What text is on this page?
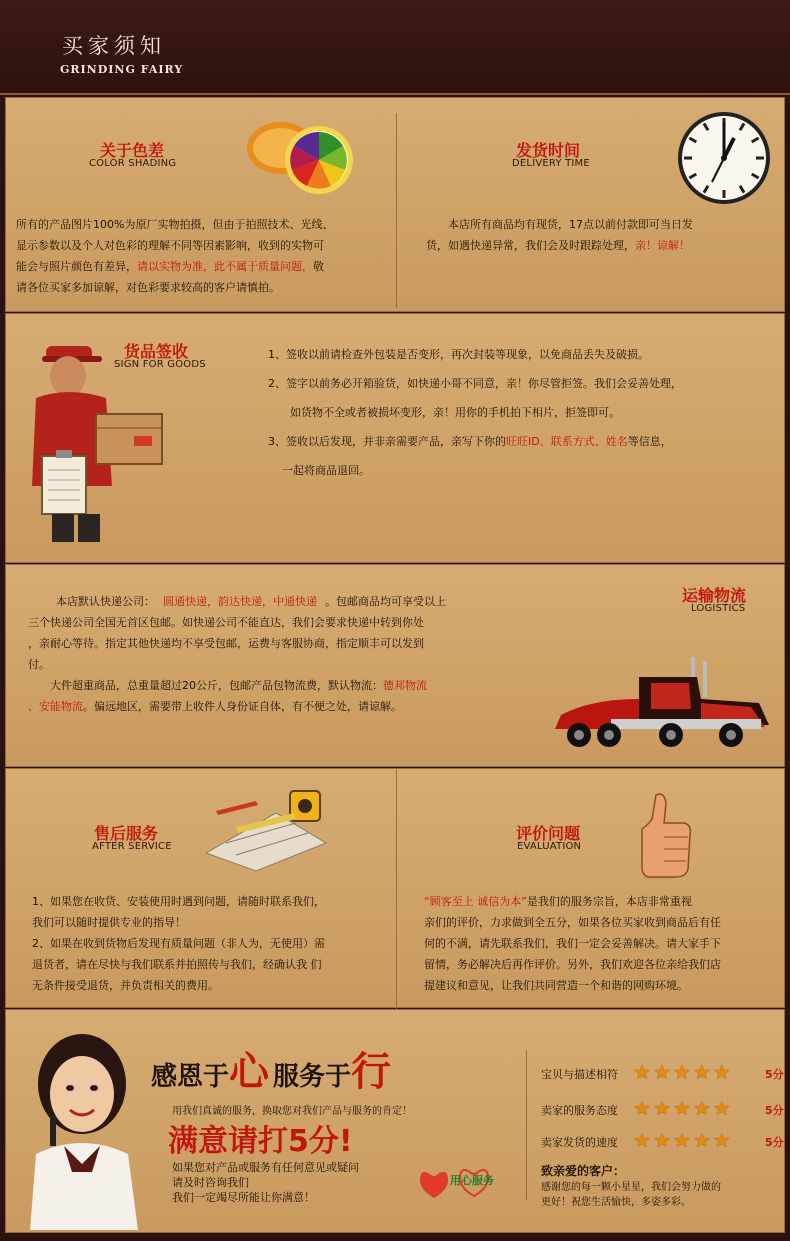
买家须知
GRINDING FAIRY
关于色差
COLOR SHADING
所有的产品图片100%为原厂实物拍摄，但由于拍照技术、光线、
显示参数以及个人对色彩的理解不同等因素影响，收到的实物可
能会与照片颜色有差异，请以实物为准，此不属于质量问题，敬
请各位买家多加谅解，对色彩要求较高的客户请慎拍。
发货时间
DELIVERY TIME
本店所有商品均有现货，17点以前付款即可当日发
货，如遇快递异常，我们会及时跟踪处理，亲！谅解！
货品签收
SIGN FOR GOODS
1、签收以前请检查外包装是否变形，再次封装等现象，以免商品丢失及破损。
2、签字以前务必开箱验货，如快递小哥不同意，亲！你尽管拒签。我们会妥善处理，
如货物不全或者被损坏变形，亲！用你的手机拍下相片，拒签即可。
3、签收以后发现，并非亲需要产品，亲写下你的旺旺ID、联系方式、姓名等信息，
一起将商品退回。
本店默认快递公司： 圆通快递，韵达快递，中通快递 。包邮商品均可享受以上
三个快递公司全国无首区包邮。如快递公司不能直达，我们会要求快递中转到你处
，亲耐心等待。指定其他快递均不享受包邮，运费与客服协商，指定顺丰可以发到
付。
大件超重商品，总重量超过20公斤，包邮产品包物流费，默认物流：德邦物流
、安能物流。偏远地区，需要带上收件人身份证自体，有不便之处，请谅解。
运输物流
LOGISTICS
售后服务
AFTER SERVICE
1、如果您在收货、安装使用时遇到问题，请随时联系我们，
我们可以随时提供专业的指导！
2、如果在收到货物后发现有质量问题（非人为，无使用）需
退货者，请在尽快与我们联系并拍照传与我们，经确认我 们
无条件接受退货，并负责相关的费用。
评价问题
EVALUATION
“顾客至上 诚信为本”是我们的服务宗旨，本店非常重视
亲们的评价，力求做到全五分，如果各位买家收到商品后有任
何的不满，请先联系我们，我们一定会妥善解决。请大家手下
留情，务必解决后再作评价。另外，我们欢迎各位亲给我们店
提建议和意见，让我们共同营造一个和谐的网购环境。
感恩于心 服务于行
用我们真诚的服务，换取您对我们产品与服务的肯定！
满意请打5分!
如果您对产品或服务有任何意见或疑问
请及时咨询我们
我们一定竭尽所能让你满意！
用心服务
宝贝与描述相符 ★ ★ ★ ★ ★	5分
卖家的服务态度 ★ ★ ★ ★ ★	5分
卖家发货的速度 ★ ★ ★ ★ ★	5分
致亲爱的客户：
感谢您的每一颗小星星，我们会努力做的
更好！祝您生活愉快，多姿多彩。
